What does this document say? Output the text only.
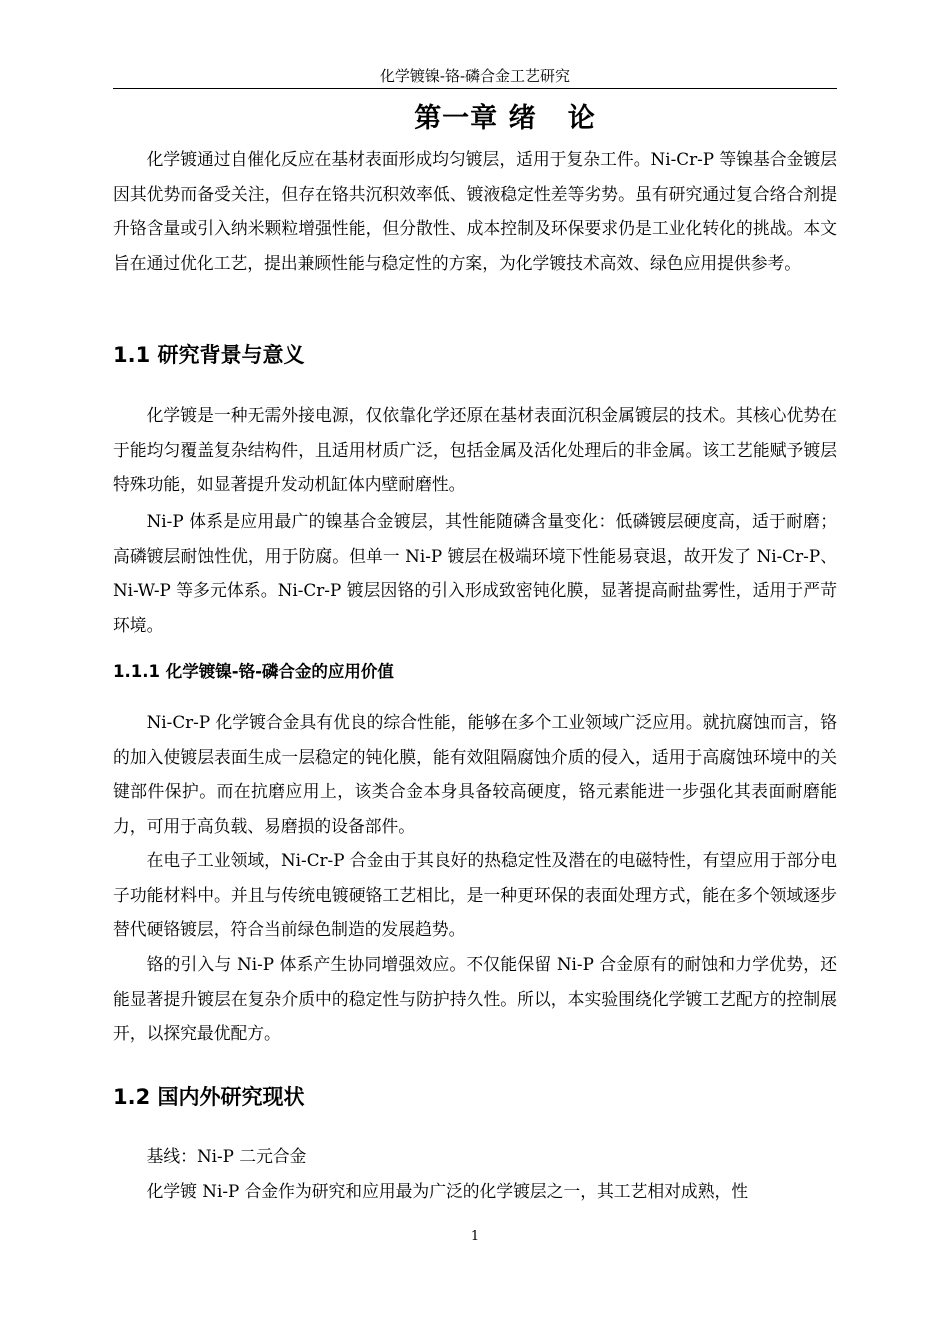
化学镀镍-铬-磷合金工艺研究
第一章 绪   论

化学镀通过自催化反应在基材表面形成均匀镀层，适用于复杂工件。Ni-Cr-P 等镍基合金镀层因其优势而备受关注，但存在铬共沉积效率低、镀液稳定性差等劣势。虽有研究通过复合络合剂提升铬含量或引入纳米颗粒增强性能，但分散性、成本控制及环保要求仍是工业化转化的挑战。本文旨在通过优化工艺，提出兼顾性能与稳定性的方案，为化学镀技术高效、绿色应用提供参考。

1.1 研究背景与意义

化学镀是一种无需外接电源，仅依靠化学还原在基材表面沉积金属镀层的技术。其核心优势在于能均匀覆盖复杂结构件，且适用材质广泛，包括金属及活化处理后的非金属。该工艺能赋予镀层特殊功能，如显著提升发动机缸体内壁耐磨性。

Ni-P 体系是应用最广的镍基合金镀层，其性能随磷含量变化：低磷镀层硬度高，适于耐磨；高磷镀层耐蚀性优，用于防腐。但单一 Ni-P 镀层在极端环境下性能易衰退，故开发了 Ni-Cr-P、Ni-W-P 等多元体系。Ni-Cr-P 镀层因铬的引入形成致密钝化膜，显著提高耐盐雾性，适用于严苛环境。

1.1.1 化学镀镍-铬-磷合金的应用价值

Ni-Cr-P 化学镀合金具有优良的综合性能，能够在多个工业领域广泛应用。就抗腐蚀而言，铬的加入使镀层表面生成一层稳定的钝化膜，能有效阻隔腐蚀介质的侵入，适用于高腐蚀环境中的关键部件保护。而在抗磨应用上，该类合金本身具备较高硬度，铬元素能进一步强化其表面耐磨能力，可用于高负载、易磨损的设备部件。

在电子工业领域，Ni-Cr-P 合金由于其良好的热稳定性及潜在的电磁特性，有望应用于部分电子功能材料中。并且与传统电镀硬铬工艺相比，是一种更环保的表面处理方式，能在多个领域逐步替代硬铬镀层，符合当前绿色制造的发展趋势。

铬的引入与 Ni-P 体系产生协同增强效应。不仅能保留 Ni-P 合金原有的耐蚀和力学优势，还能显著提升镀层在复杂介质中的稳定性与防护持久性。所以，本实验围绕化学镀工艺配方的控制展开，以探究最优配方。

1.2 国内外研究现状

基线：Ni-P 二元合金

化学镀 Ni-P 合金作为研究和应用最为广泛的化学镀层之一，其工艺相对成熟，性

1
